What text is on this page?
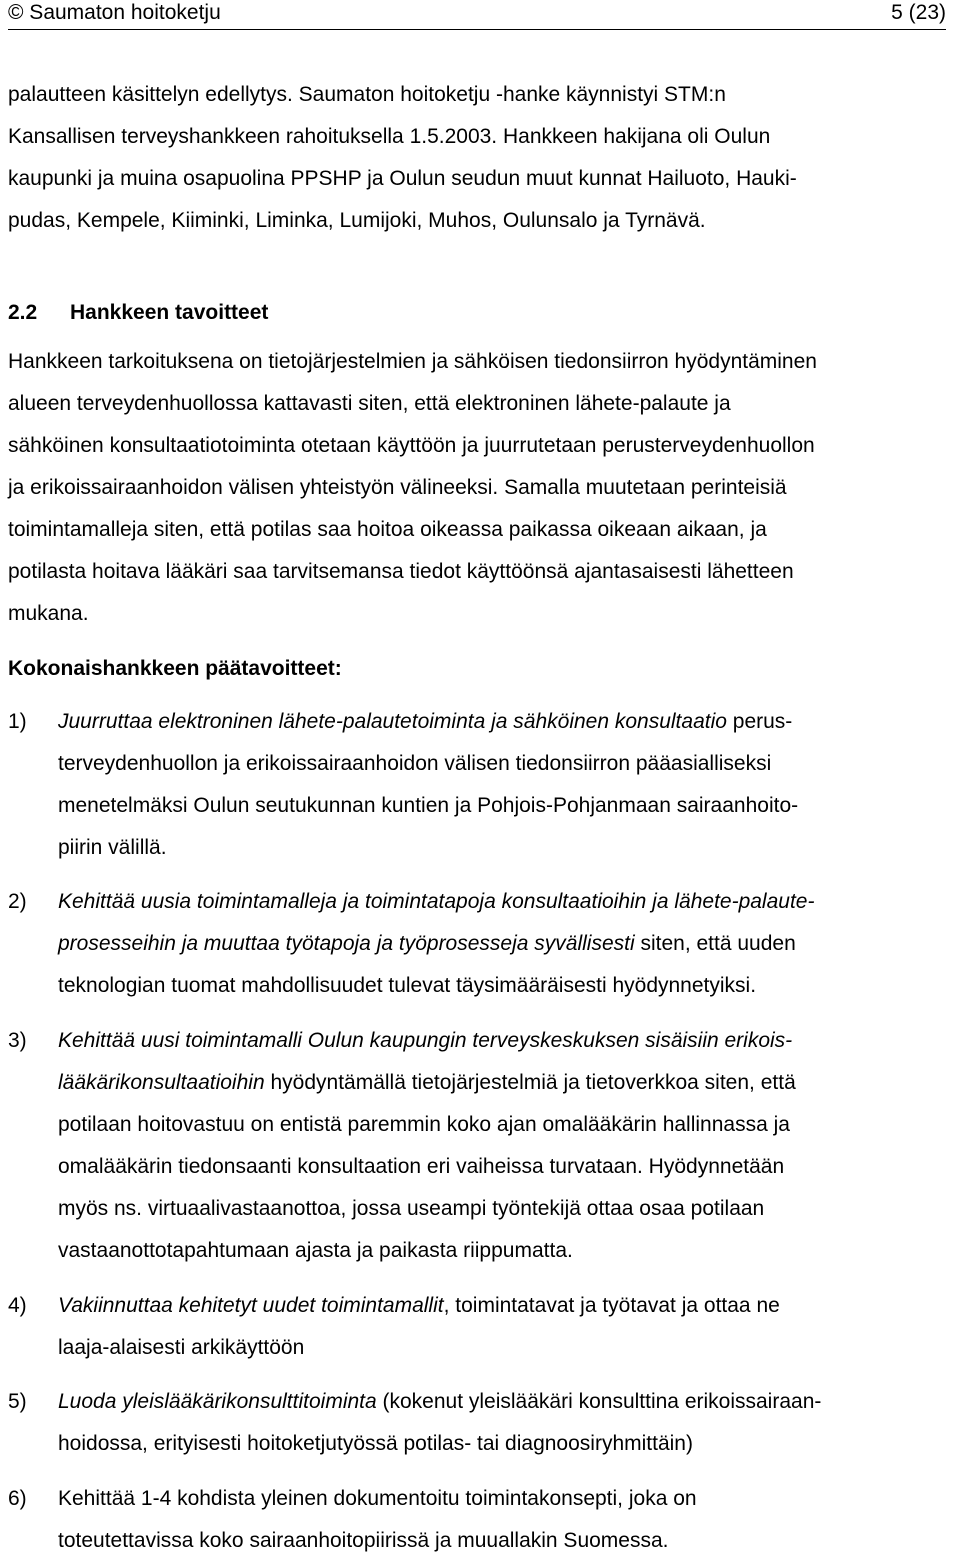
© Saumaton hoitoketju	5 (23)
palautteen käsittelyn edellytys. Saumaton hoitoketju -hanke käynnistyi STM:n
Kansallisen terveyshankkeen rahoituksella 1.5.2003. Hankkeen hakijana oli Oulun
kaupunki ja muina osapuolina PPSHP ja Oulun seudun muut kunnat Hailuoto, Hauki-
pudas, Kempele, Kiiminki, Liminka, Lumijoki, Muhos, Oulunsalo ja Tyrnävä.
2.2 Hankkeen tavoitteet
Hankkeen tarkoituksena on tietojärjestelmien ja sähköisen tiedonsiirron hyödyntäminen
alueen terveydenhuollossa kattavasti siten, että elektroninen lähete-palaute ja
sähköinen konsultaatiotoiminta otetaan käyttöön ja juurrutetaan perusterveydenhuollon
ja erikoissairaanhoidon välisen yhteistyön välineeksi. Samalla muutetaan perinteisiä
toimintamalleja siten, että potilas saa hoitoa oikeassa paikassa oikeaan aikaan, ja
potilasta hoitava lääkäri saa tarvitsemansa tiedot käyttöönsä ajantasaisesti lähetteen
mukana.
Kokonaishankkeen päätavoitteet:
1) Juurruttaa elektroninen lähete-palautetoiminta ja sähköinen konsultaatio perus-
terveydenhuollon ja erikoissairaanhoidon välisen tiedonsiirron pääasialliseksi
menetelmäksi Oulun seutukunnan kuntien ja Pohjois-Pohjanmaan sairaanhoito-
piirin välillä.
2) Kehittää uusia toimintamalleja ja toimintatapoja konsultaatioihin ja lähete-palaute-
prosesseihin ja muuttaa työtapoja ja työprosesseja syvällisesti siten, että uuden
teknologian tuomat mahdollisuudet tulevat täysimääräisesti hyödynnetyiksi.
3) Kehittää uusi toimintamalli Oulun kaupungin terveyskeskuksen sisäisiin erikois-
lääkärikonsultaatioihin hyödyntämällä tietojärjestelmiä ja tietoverkkoa siten, että
potilaan hoitovastuu on entistä paremmin koko ajan omalääkärin hallinnassa ja
omalääkärin tiedonsaanti konsultaation eri vaiheissa turvataan. Hyödynnetään
myös ns. virtuaalivastaanottoa, jossa useampi työntekijä ottaa osaa potilaan
vastaanottotapahtumaan ajasta ja paikasta riippumatta.
4) Vakiinnuttaa kehitetyt uudet toimintamallit, toimintatavat ja työtavat ja ottaa ne
laaja-alaisesti arkikäyttöön
5) Luoda yleislääkärikonsulttitoiminta (kokenut yleislääkäri konsulttina erikoissairaan-
hoidossa, erityisesti hoitoketjutyössä potilas- tai diagnoosiryhmittäin)
6) Kehittää 1-4 kohdista yleinen dokumentoitu toimintakonsepti, joka on
toteutettavissa koko sairaanhoitopiirissä ja muuallakin Suomessa.
